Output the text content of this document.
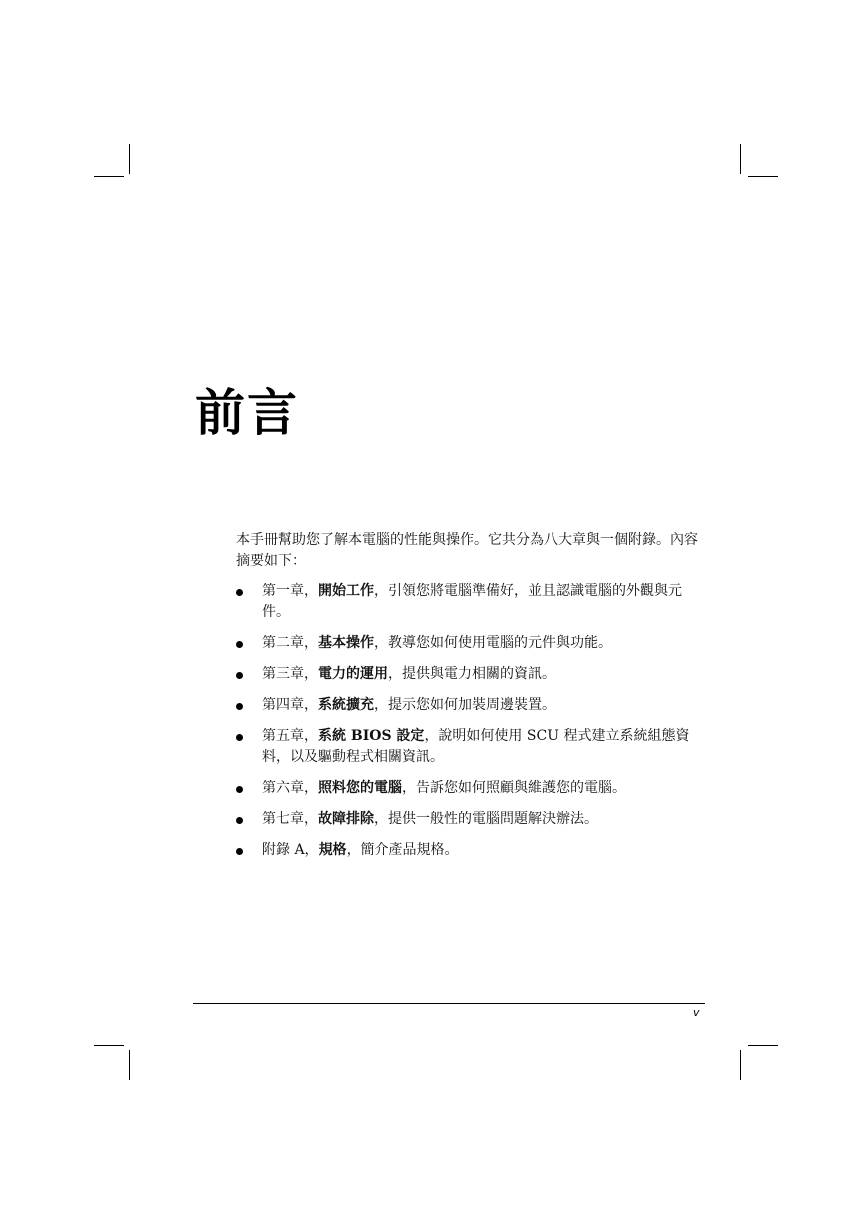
前言

本手冊幫助您了解本電腦的性能與操作。它共分為八大章與一個附錄。內容摘要如下：

第一章，開始工作，引領您將電腦準備好，並且認識電腦的外觀與元件。
第二章，基本操作，教導您如何使用電腦的元件與功能。
第三章，電力的運用，提供與電力相關的資訊。
第四章，系統擴充，提示您如何加裝周邊裝置。
第五章，系統 BIOS 設定，說明如何使用 SCU 程式建立系統組態資料，以及驅動程式相關資訊。
第六章，照料您的電腦，告訴您如何照顧與維護您的電腦。
第七章，故障排除，提供一般性的電腦問題解決辦法。
附錄 A，規格，簡介產品規格。
v
